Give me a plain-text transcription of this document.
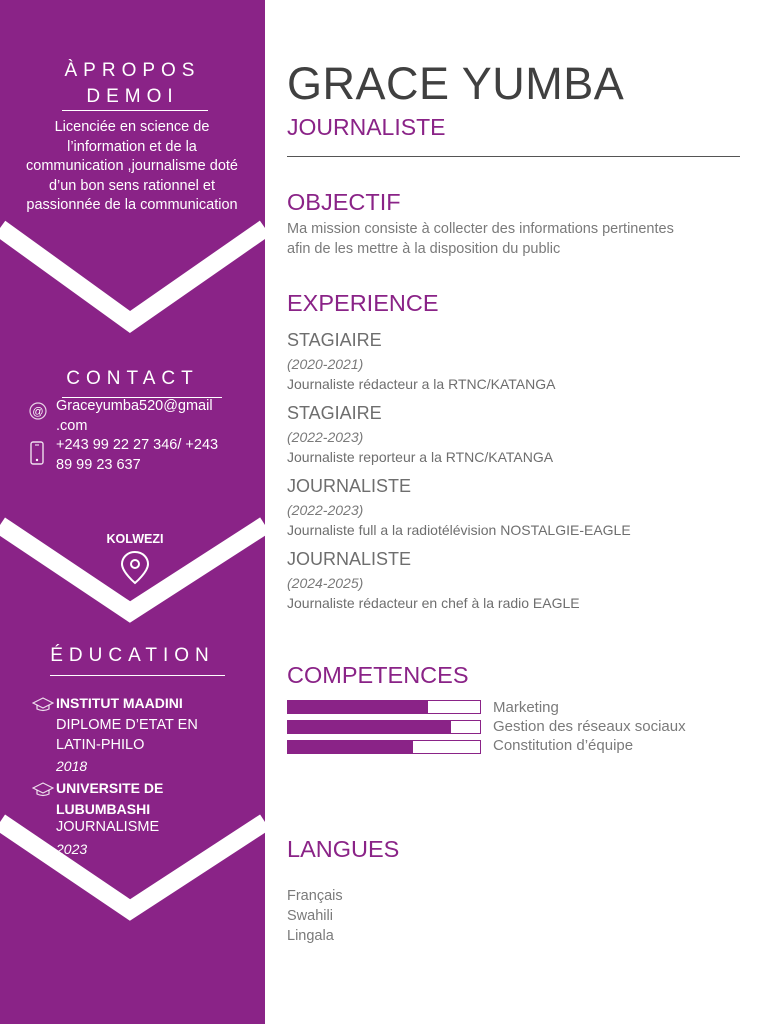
ÀPROPOS
DEMOI
Licenciée en science de l’information et de la communication ,journalisme doté d’un bon sens rationnel et passionnée de la communication
CONTACT
@ Graceyumba520@gmail
.com
+243 99 22 27 346/ +243
89 99 23 637
KOLWEZI
ÉDUCATION
INSTITUT MAADINI
DIPLOME D’ETAT EN
LATIN-PHILO
2018
UNIVERSITE DE
LUBUMBASHI
JOURNALISME
2023
GRACE YUMBA
JOURNALISTE
OBJECTIF
Ma mission consiste à collecter des informations pertinentes
afin de les mettre à la disposition du public
EXPERIENCE
STAGIAIRE
(2020-2021)
Journaliste rédacteur a la RTNC/KATANGA
STAGIAIRE
(2022-2023)
Journaliste reporteur a la RTNC/KATANGA
JOURNALISTE
(2022-2023)
Journaliste full a la radiotélévision NOSTALGIE-EAGLE
JOURNALISTE
(2024-2025)
Journaliste rédacteur en chef à la radio EAGLE
COMPETENCES
Marketing
Gestion des réseaux sociaux
Constitution d’équipe
LANGUES
Français
Swahili
Lingala
